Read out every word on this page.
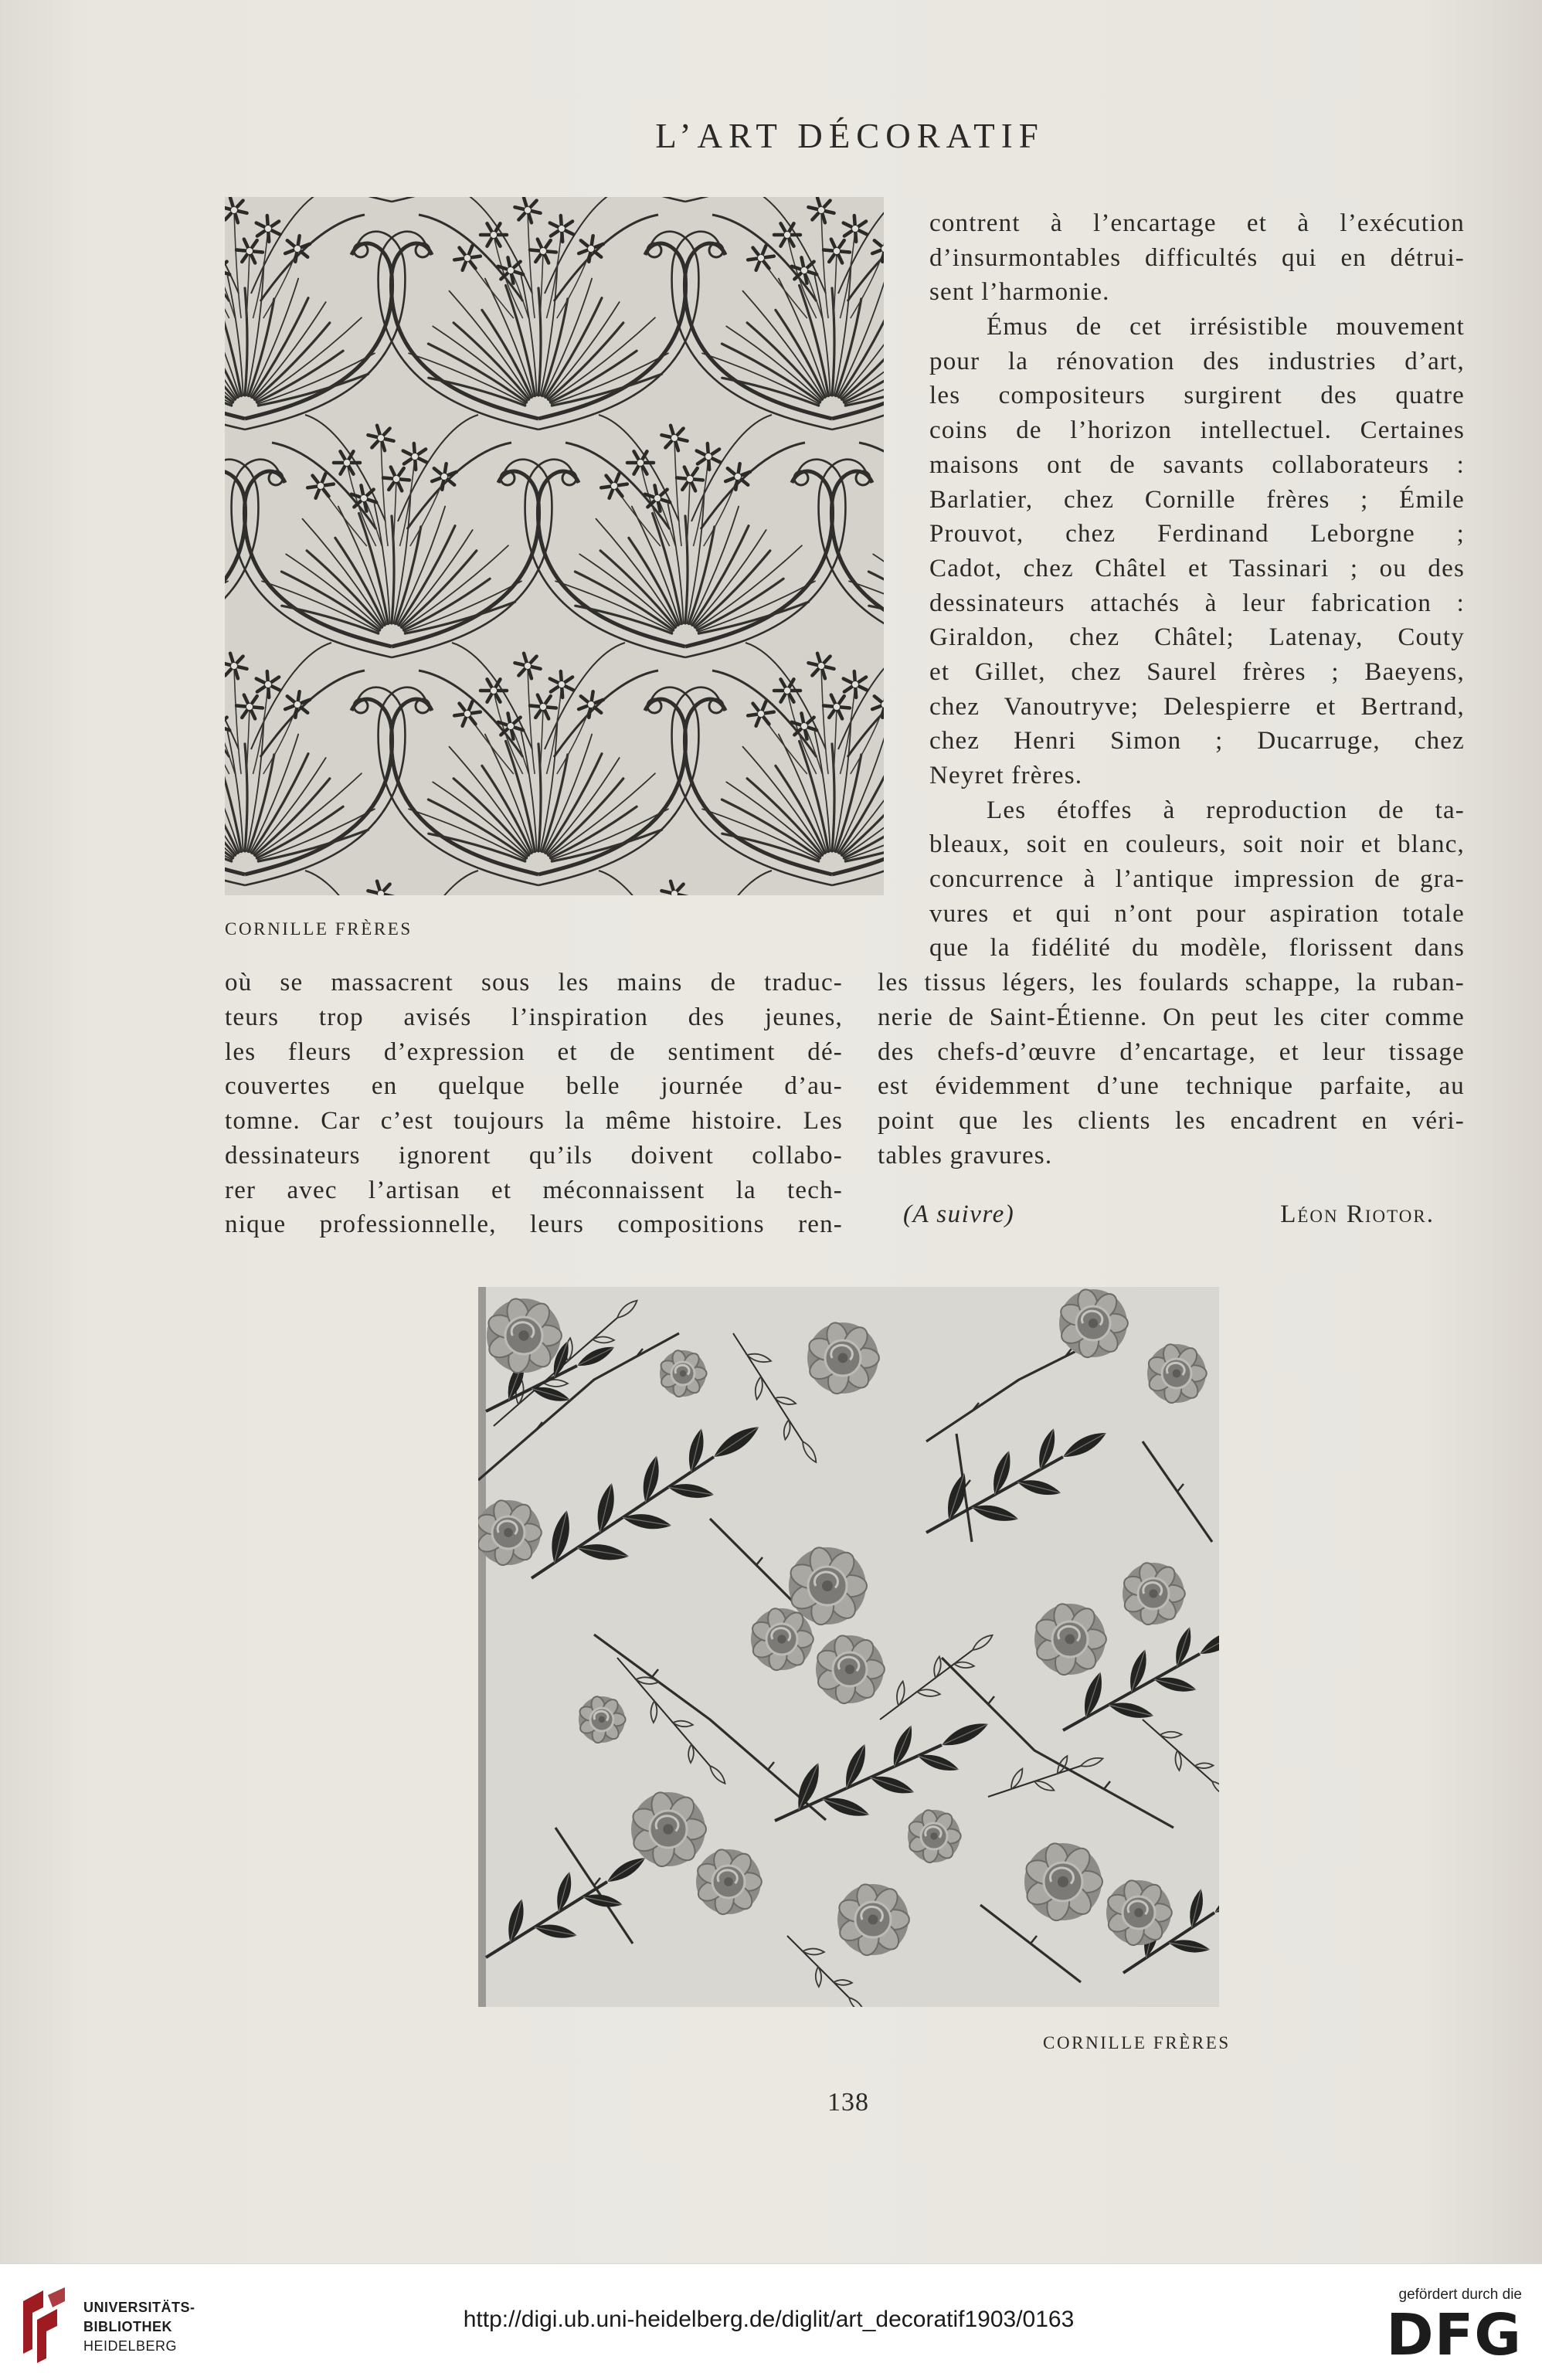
L’ART DÉCORATIF
CORNILLE FRÈRES
contrent à l’encartage et à l’exécution
d’insurmontables difficultés qui en détrui-
sent l’harmonie.
Émus de cet irrésistible mouvement
pour la rénovation des industries d’art,
les compositeurs surgirent des quatre
coins de l’horizon intellectuel. Certaines
maisons ont de savants collaborateurs :
Barlatier, chez Cornille frères ; Émile
Prouvot, chez Ferdinand Leborgne ;
Cadot, chez Châtel et Tassinari ; ou des
dessinateurs attachés à leur fabrication :
Giraldon, chez Châtel; Latenay, Couty
et Gillet, chez Saurel frères ; Baeyens,
chez Vanoutryve; Delespierre et Bertrand,
chez Henri Simon ; Ducarruge, chez
Neyret frères.
Les étoffes à reproduction de ta-
bleaux, soit en couleurs, soit noir et blanc,
concurrence à l’antique impression de gra-
vures et qui n’ont pour aspiration totale
que la fidélité du modèle, florissent dans
les tissus légers, les foulards schappe, la ruban-
nerie de Saint-Étienne. On peut les citer comme
des chefs-d’œuvre d’encartage, et leur tissage
est évidemment d’une technique parfaite, au
point que les clients les encadrent en véri-
tables gravures.
où se massacrent sous les mains de traduc-
teurs trop avisés l’inspiration des jeunes,
les fleurs d’expression et de sentiment dé-
couvertes en quelque belle journée d’au-
tomne. Car c’est toujours la même histoire. Les
dessinateurs ignorent qu’ils doivent collabo-
rer avec l’artisan et méconnaissent la tech-
nique professionnelle, leurs compositions ren- (A suivre)	Léon Riotor.
CORNILLE FRÈRES
138
UNIVERSITÄTS-
BIBLIOTHEK
HEIDELBERG
http://digi.ub.uni-heidelberg.de/diglit/art_decoratif1903/0163
gefördert durch die
DFG
